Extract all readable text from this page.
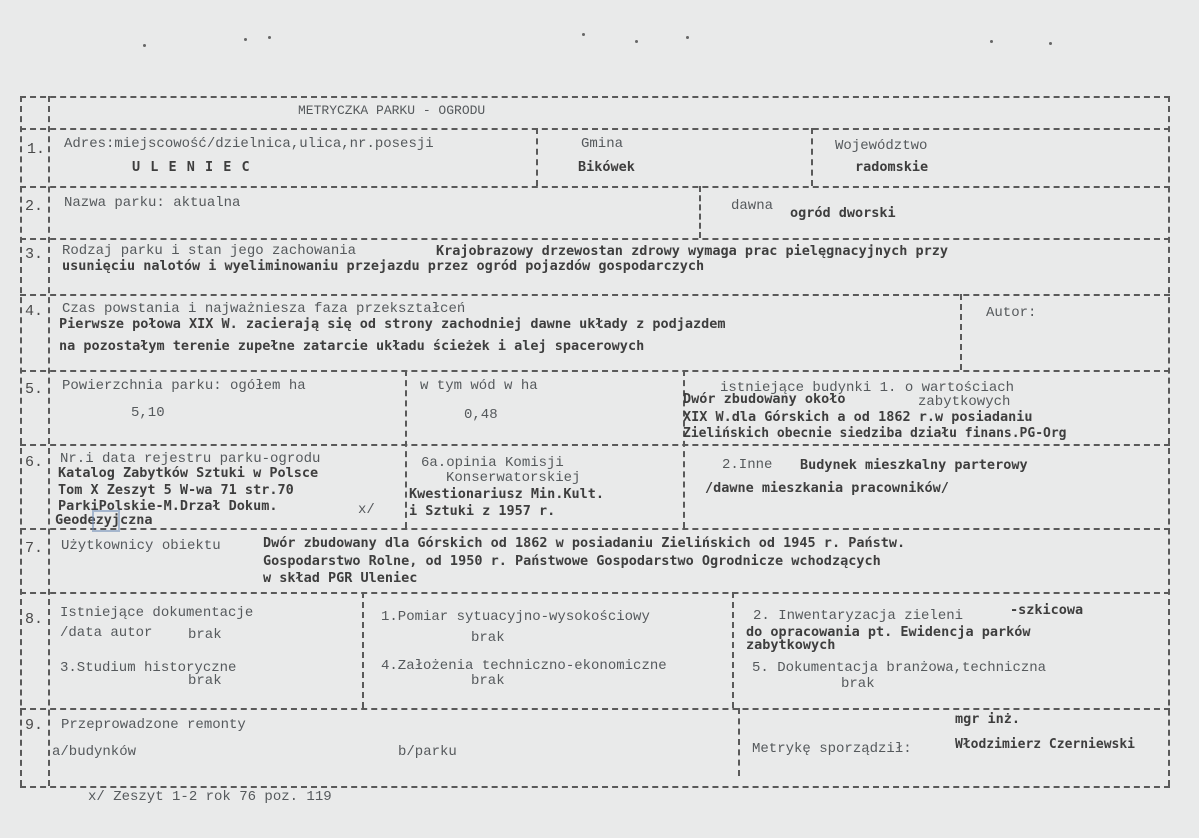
METRYCZKA PARKU - OGRODU
1. Adres:miejscowość/dzielnica,ulica,nr.posesji
U L E N I E C
Gmina
Bikówek
Województwo
radomskie
2. Nazwa parku: aktualna	dawna ogród dworski
3. Rodzaj parku i stan jego zachowania	Krajobrazowy drzewostan zdrowy wymaga prac pielęgnacyjnych przy
usunięciu nalotów i wyeliminowaniu przejazdu przez ogród pojazdów gospodarczych
4. Czas powstania i najważniesza faza przekształceń
Pierwsze połowa XIX W. zacierają się od strony zachodniej dawne układy z podjazdem
na pozostałym terenie zupełne zatarcie układu ścieżek i alej spacerowych
Autor:
5. Powierzchnia parku: ogółem ha
5,10
w tym wód w ha
0,48
istniejące budynki 1. o wartościach
zabytkowych
Dwór zbudowany około
XIX W.dla Górskich a od 1862 r.w posiadaniu
Zielińskich obecnie siedziba działu finans.PG-Org
6. Nr.i data rejestru parku-ogrodu
Katalog Zabytków Sztuki w Polsce
Tom X Zeszyt 5 W-wa 71 str.70
ParkiPolskie-M.Drzał Dokum.
Geodezyjczna
x/
6a.opinia Komisji
Konserwatorskiej
Kwestionariusz Min.Kult.
i Sztuki z 1957 r.
2.Inne Budynek mieszkalny parterowy
/dawne mieszkania pracowników/
7. Użytkownicy obiektu	Dwór zbudowany dla Górskich od 1862 w posiadaniu Zielińskich od 1945 r. Państw.
Gospodarstwo Rolne, od 1950 r. Państwowe Gospodarstwo Ogrodnicze wchodzących
w skład PGR Uleniec
8. Istniejące dokumentacje
/data autor	brak
1.Pomiar sytuacyjno-wysokościowy
brak
2. Inwentaryzacja zieleni	-szkicowa
do opracowania pt. Ewidencja parków
zabytkowych
3.Studium historyczne
brak
4.Założenia techniczno-ekonomiczne
brak
5. Dokumentacja branżowa,techniczna
brak
9. Przeprowadzone remonty
a/budynków	b/parku
mgr inż.
Metrykę sporządził:	Włodzimierz Czerniewski
x/ Zeszyt 1-2 rok 76 poz. 119
